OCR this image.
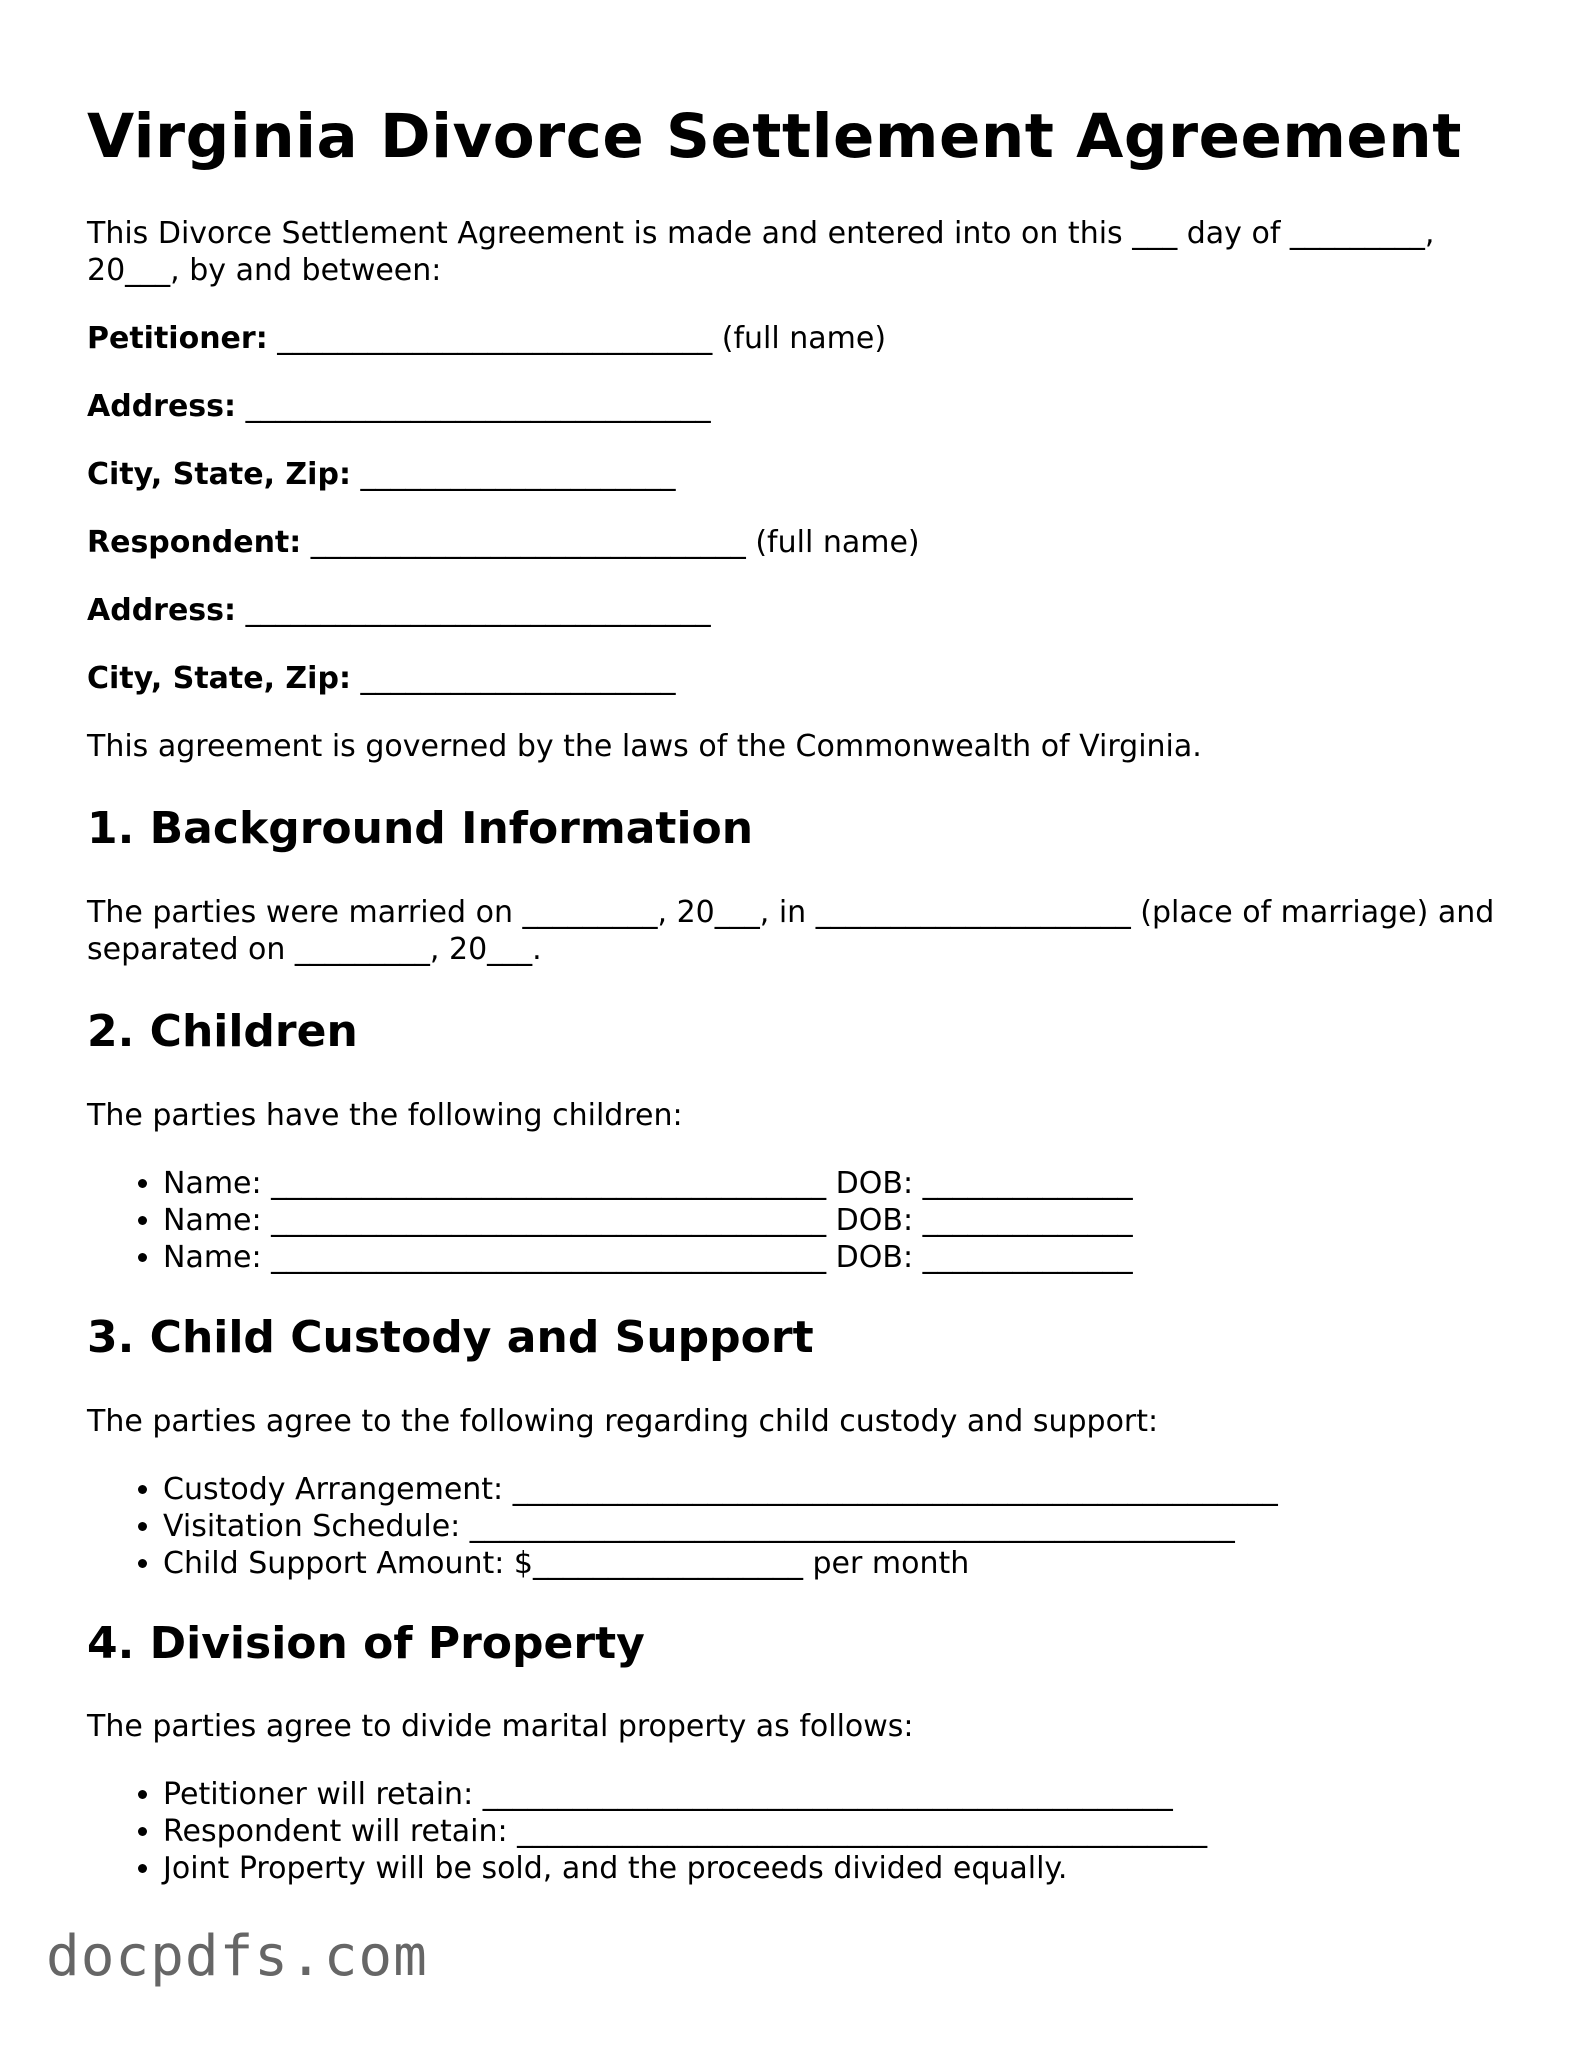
Virginia Divorce Settlement Agreement

This Divorce Settlement Agreement is made and entered into on this ___ day of _________, 20___, by and between:

Petitioner: _____________________________ (full name)
Address: _______________________________
City, State, Zip: _____________________
Respondent: _____________________________ (full name)
Address: _______________________________
City, State, Zip: _____________________

This agreement is governed by the laws of the Commonwealth of Virginia.

1. Background Information

The parties were married on _________, 20___, in _____________________ (place of marriage) and separated on _________, 20___.

2. Children

The parties have the following children:

• Name: _____________________________________ DOB: ______________
• Name: _____________________________________ DOB: ______________
• Name: _____________________________________ DOB: ______________
3. Child Custody and Support

The parties agree to the following regarding child custody and support:

• Custody Arrangement: ___________________________________________________
• Visitation Schedule: ___________________________________________________
• Child Support Amount: $__________________ per month
4. Division of Property

The parties agree to divide marital property as follows:

• Petitioner will retain: ______________________________________________
• Respondent will retain: ______________________________________________
• Joint Property will be sold, and the proceeds divided equally.
docpdfs.com
